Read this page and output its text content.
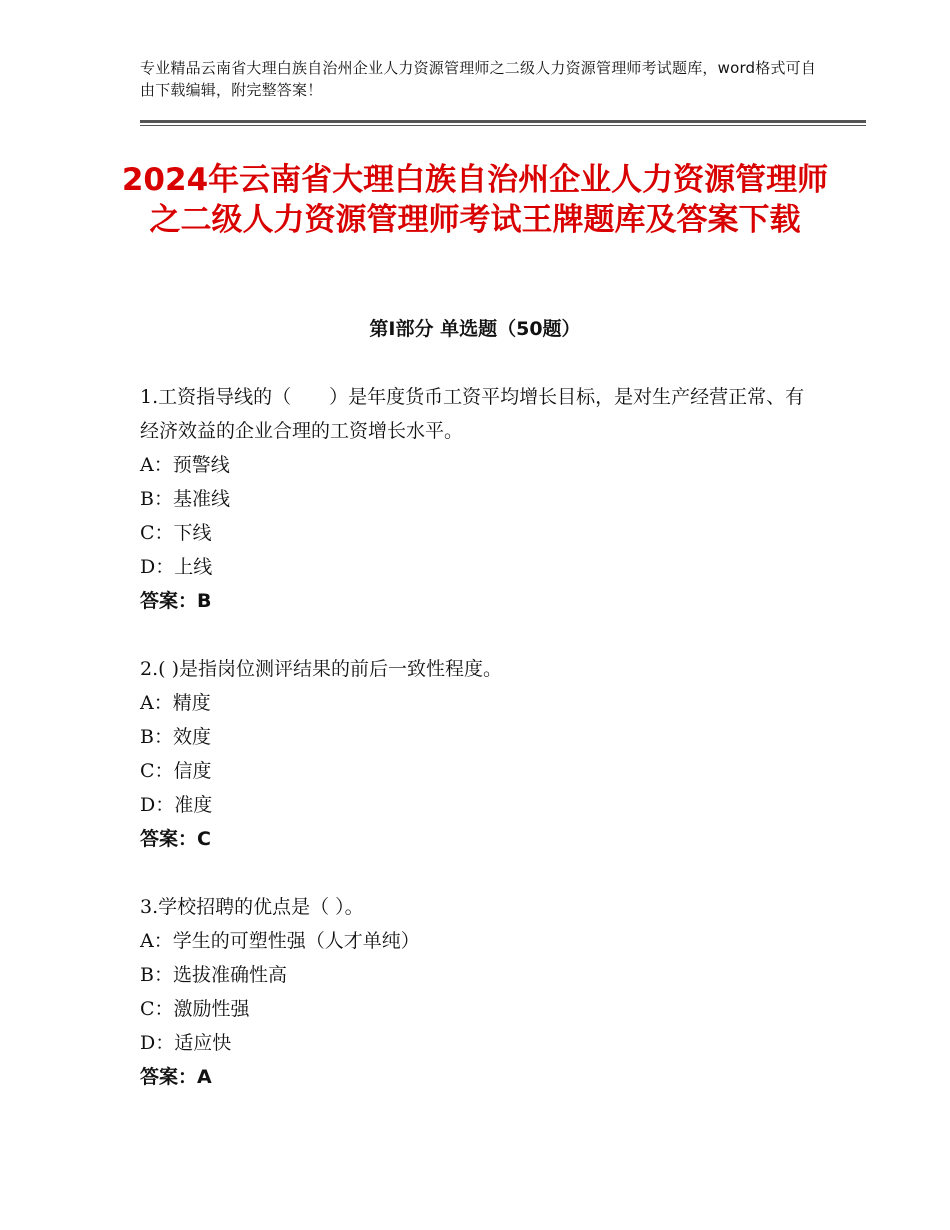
专业精品云南省大理白族自治州企业人力资源管理师之二级人力资源管理师考试题库，word格式可自由下载编辑，附完整答案！
2024年云南省大理白族自治州企业人力资源管理师之二级人力资源管理师考试王牌题库及答案下载
第Ⅰ部分 单选题（50题）

1.工资指导线的（　　）是年度货币工资平均增长目标，是对生产经营正常、有经济效益的企业合理的工资增长水平。

A：预警线

B：基准线

C：下线

D：上线

答案：B

2.( )是指岗位测评结果的前后一致性程度。

A：精度

B：效度

C：信度

D：准度

答案：C

3.学校招聘的优点是（ ）。

A：学生的可塑性强（人才单纯）

B：选拔准确性高

C：激励性强

D：适应快

答案：A
